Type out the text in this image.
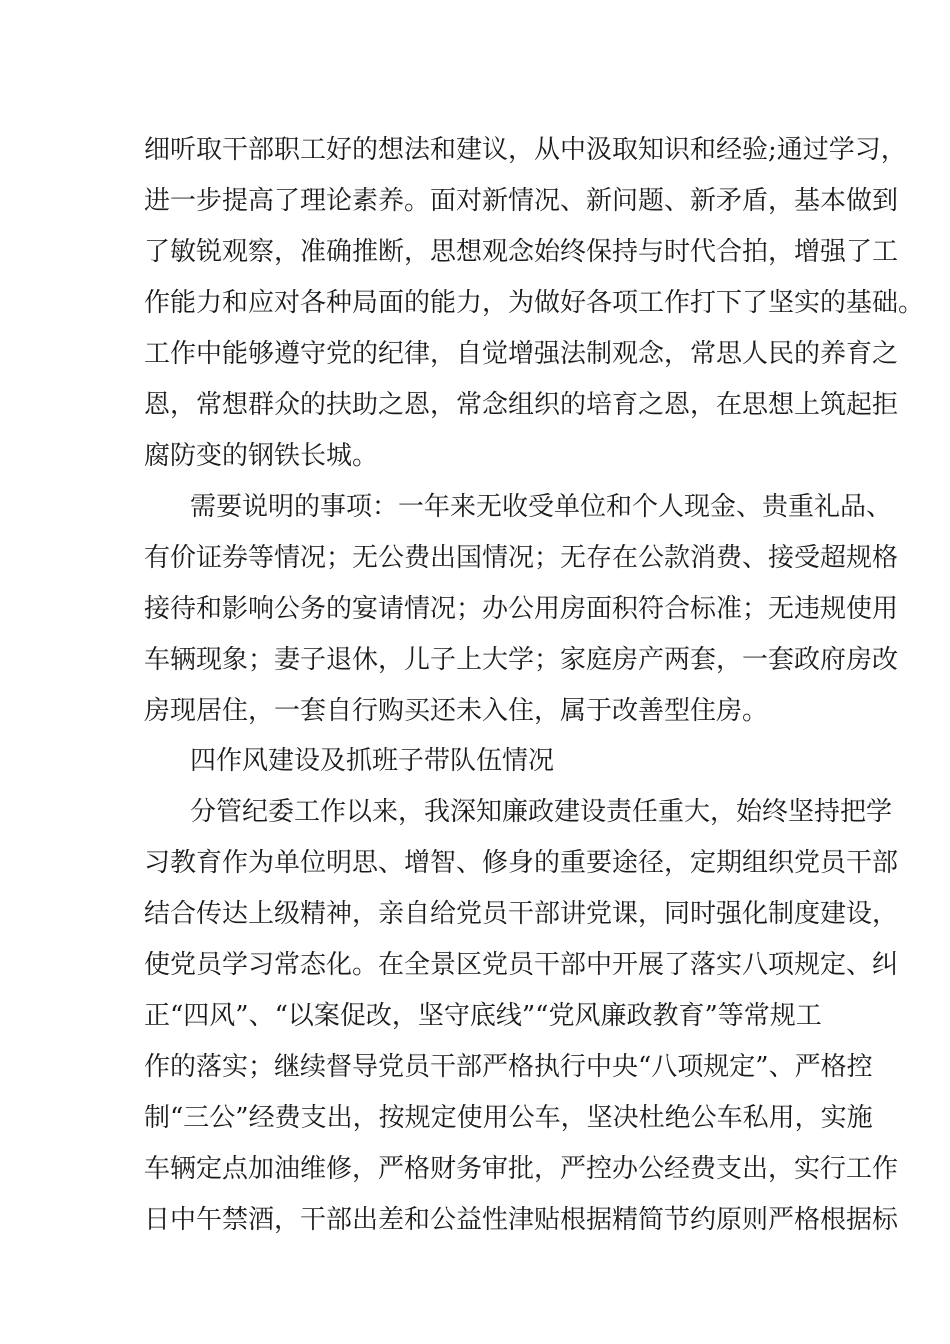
细听取干部职工好的想法和建议，从中汲取知识和经验;通过学习，
进一步提高了理论素养。面对新情况、新问题、新矛盾，基本做到
了敏锐观察，准确推断，思想观念始终保持与时代合拍，增强了工
作能力和应对各种局面的能力，为做好各项工作打下了坚实的基础。
工作中能够遵守党的纪律，自觉增强法制观念，常思人民的养育之
恩，常想群众的扶助之恩，常念组织的培育之恩，在思想上筑起拒
腐防变的钢铁长城。
需要说明的事项：一年来无收受单位和个人现金、贵重礼品、
有价证券等情况；无公费出国情况；无存在公款消费、接受超规格
接待和影响公务的宴请情况；办公用房面积符合标准；无违规使用
车辆现象；妻子退休，儿子上大学；家庭房产两套，一套政府房改
房现居住，一套自行购买还未入住，属于改善型住房。
四作风建设及抓班子带队伍情况
分管纪委工作以来，我深知廉政建设责任重大，始终坚持把学
习教育作为单位明思、增智、修身的重要途径，定期组织党员干部
结合传达上级精神，亲自给党员干部讲党课，同时强化制度建设，
使党员学习常态化。在全景区党员干部中开展了落实八项规定、纠
正“四风”、“以案促改，坚守底线”“党风廉政教育”等常规工
作的落实；继续督导党员干部严格执行中央“八项规定”、严格控
制“三公”经费支出，按规定使用公车，坚决杜绝公车私用，实施
车辆定点加油维修，严格财务审批，严控办公经费支出，实行工作
日中午禁酒，干部出差和公益性津贴根据精简节约原则严格根据标
